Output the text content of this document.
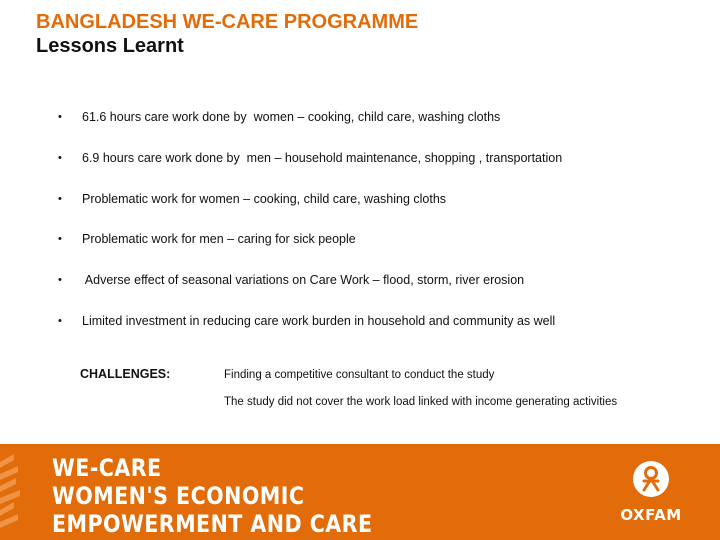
BANGLADESH WE-CARE PROGRAMME
Lessons Learnt
•	61.6 hours care work done by  women – cooking, child care, washing cloths
•	6.9 hours care work done by  men – household maintenance, shopping , transportation
•	Problematic work for women – cooking, child care, washing cloths
•	Problematic work for men – caring for sick people
•	Adverse effect of seasonal variations on Care Work – flood, storm, river erosion
•	Limited investment in reducing care work burden in household and community as well
CHALLENGES:	Finding a competitive consultant to conduct the study
The study did not cover the work load linked with income generating activities
WE-CARE
WOMEN'S ECONOMIC
EMPOWERMENT AND CARE	OXFAM
